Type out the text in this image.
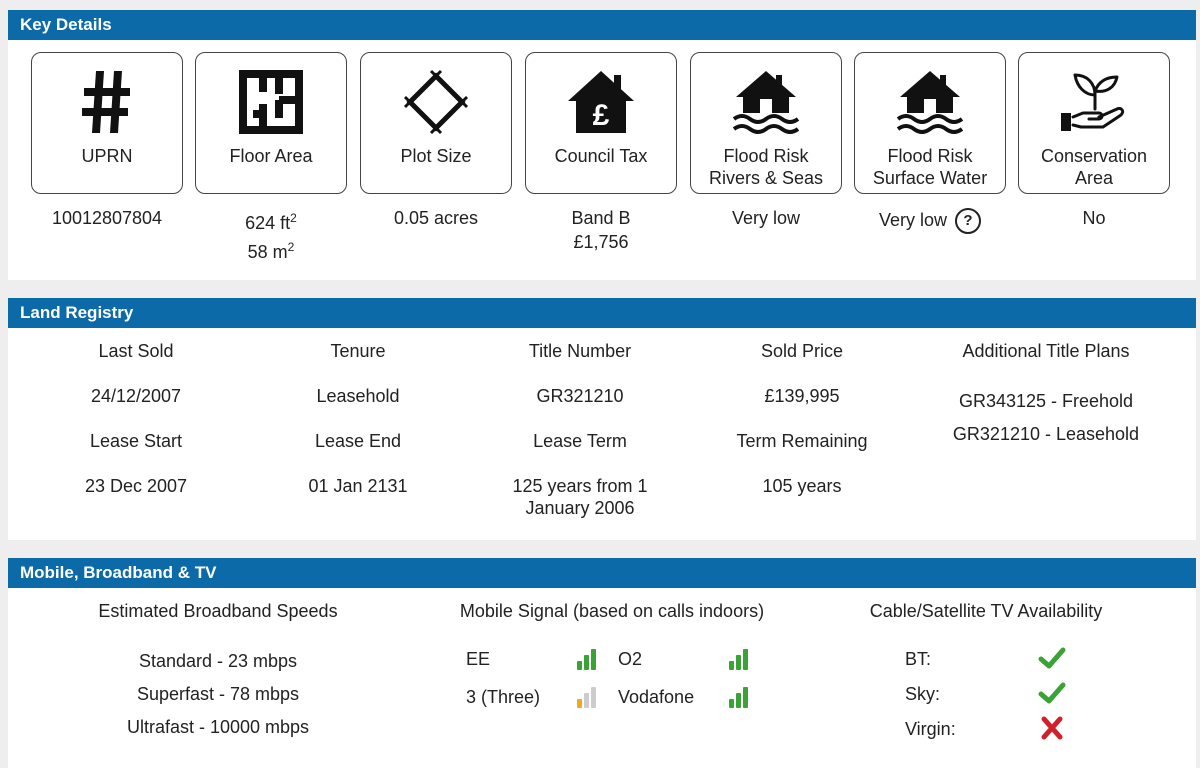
Key Details
UPRN
10012807804
Floor Area
624 $ft^2$
58 $m^2$
Plot Size
0.05 acres
£
Council Tax
Band B
£1,756
Flood Risk
Rivers & Seas
Very low
Flood Risk
Surface Water
Very low ?
Conservation
Area
No
Land Registry
Last Sold
24/12/2007
Lease Start
23 Dec 2007
Tenure
Leasehold
Lease End
01 Jan 2131
Title Number
GR321210
Lease Term
125 years from 1
January 2006
Sold Price
£139,995
Term Remaining
105 years
Additional Title Plans
GR343125 - Freehold
GR321210 - Leasehold
Mobile, Broadband & TV
Estimated Broadband Speeds
Standard - 23 mbps
Superfast - 78 mbps
Ultrafast - 10000 mbps
Mobile Signal (based on calls indoors)
EE	O2
3 (Three)	Vodafone
Cable/Satellite TV Availability
BT:
Sky:
Virgin:
